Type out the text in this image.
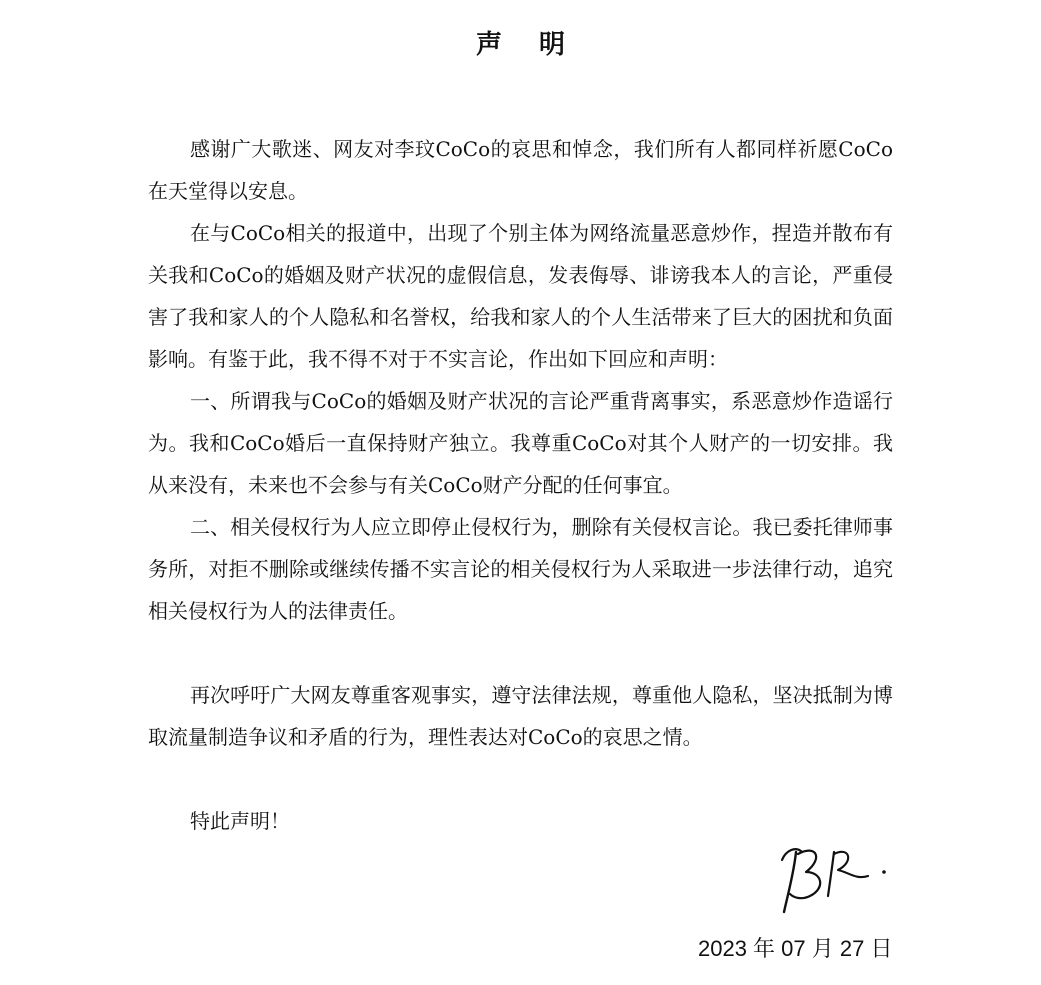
声 明

感谢广大歌迷、网友对李玟CoCo的哀思和悼念，我们所有人都同样祈愿CoCo在天堂得以安息。

在与CoCo相关的报道中，出现了个别主体为网络流量恶意炒作，捏造并散布有关我和CoCo的婚姻及财产状况的虚假信息，发表侮辱、诽谤我本人的言论，严重侵害了我和家人的个人隐私和名誉权，给我和家人的个人生活带来了巨大的困扰和负面影响。有鉴于此，我不得不对于不实言论，作出如下回应和声明：

一、所谓我与CoCo的婚姻及财产状况的言论严重背离事实，系恶意炒作造谣行为。我和CoCo婚后一直保持财产独立。我尊重CoCo对其个人财产的一切安排。我从来没有，未来也不会参与有关CoCo财产分配的任何事宜。

二、相关侵权行为人应立即停止侵权行为，删除有关侵权言论。我已委托律师事务所，对拒不删除或继续传播不实言论的相关侵权行为人采取进一步法律行动，追究相关侵权行为人的法律责任。

再次呼吁广大网友尊重客观事实，遵守法律法规，尊重他人隐私，坚决抵制为博取流量制造争议和矛盾的行为，理性表达对CoCo的哀思之情。

特此声明！

2023 年 07 月 27 日
